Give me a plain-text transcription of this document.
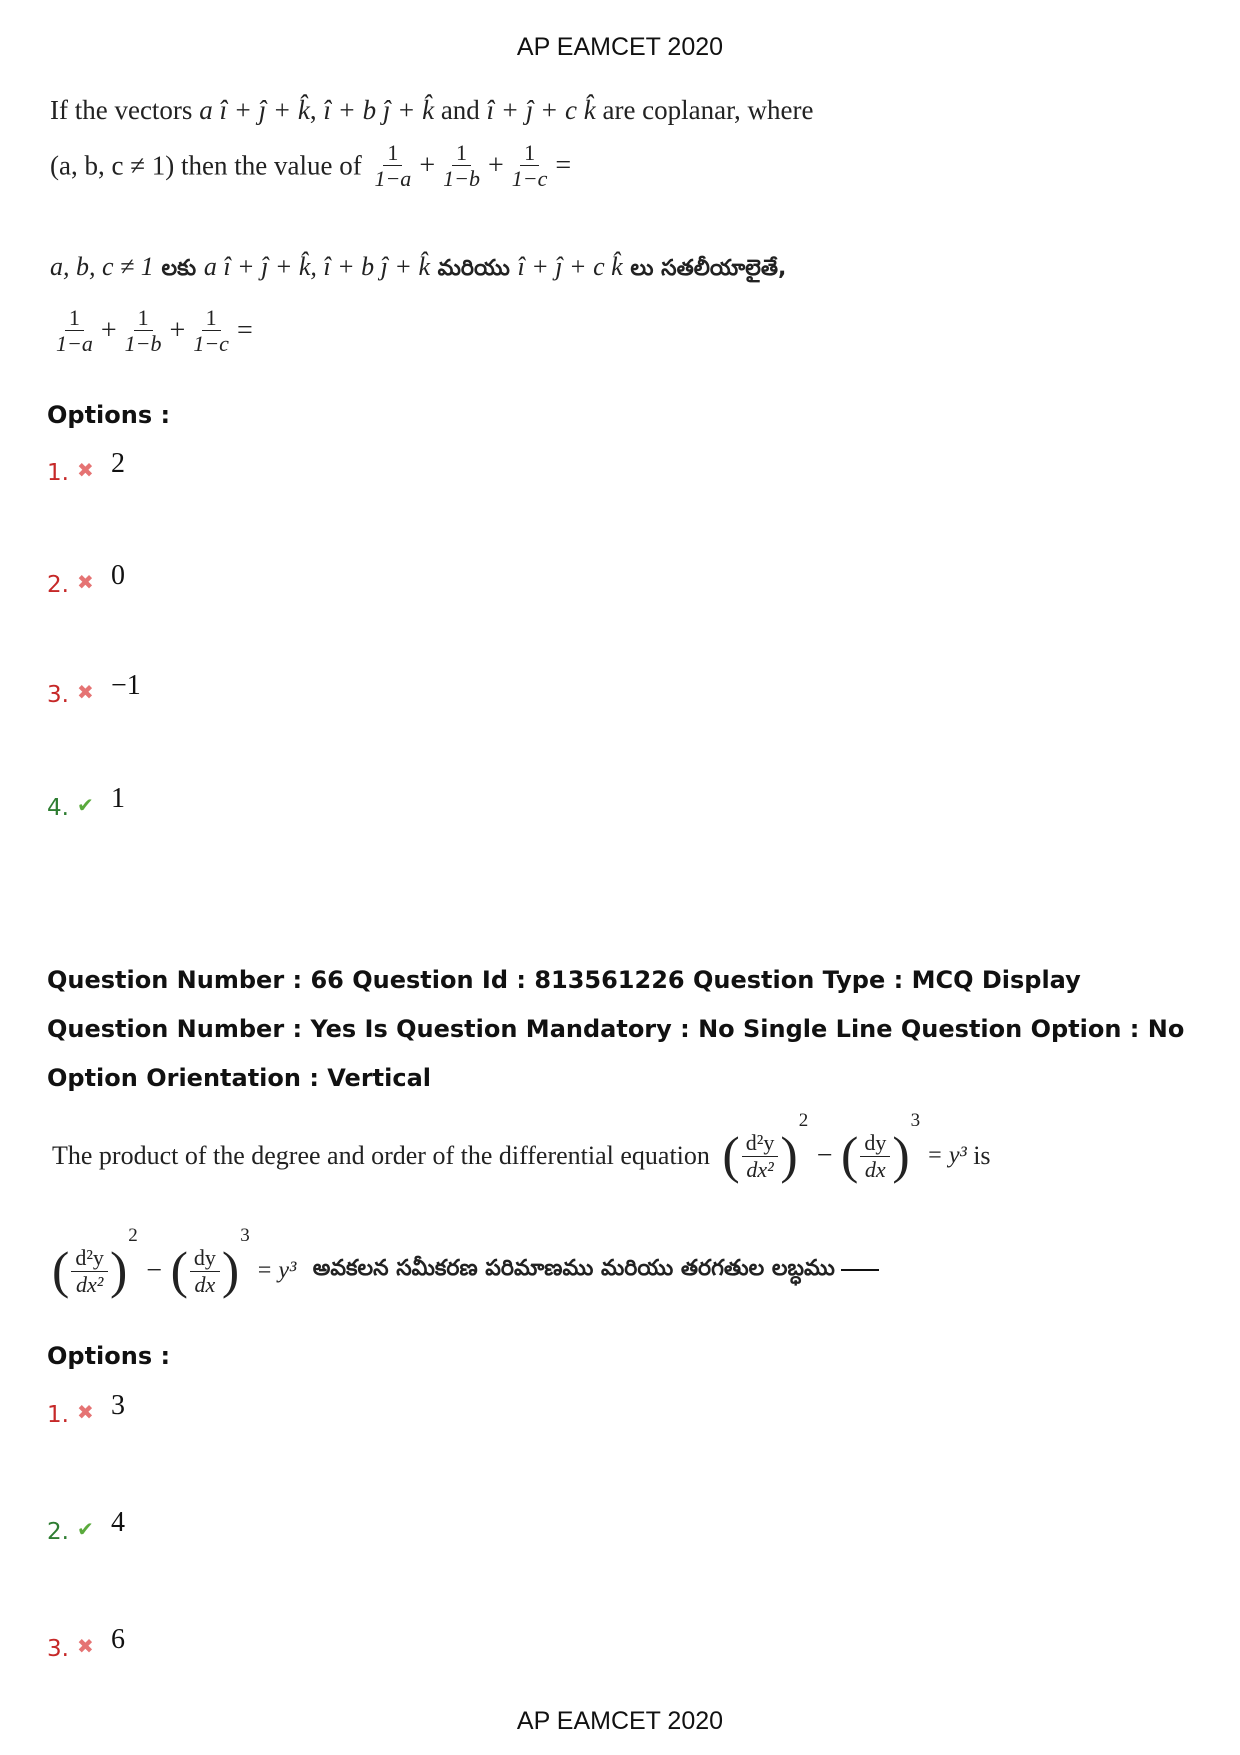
AP EAMCET 2020
If the vectors a î + ĵ + k̂, î + b ĵ + k̂ and î + ĵ + c k̂ are coplanar, where
(a, b, c ≠ 1) then the value of $\frac{1}{1-a} + \frac{1}{1-b} + \frac{1}{1-c}$ =
a, b, c ≠ 1 లకు a î + ĵ + k̂, î + b ĵ + k̂ మరియు î + ĵ + c k̂ లు సతలీయాలైతే,
$\frac{1}{1-a} + \frac{1}{1-b} + \frac{1}{1-c}$ =
Options :
1. ✖ 2
2. ✖ 0
3. ✖ −1
4. ✔ 1
Question Number : 66 Question Id : 813561226 Question Type : MCQ Display Question Number : Yes Is Question Mandatory : No Single Line Question Option : No Option Orientation : Vertical
The product of the degree and order of the differential equation ( $\frac{\text{d²y}}{\text{dx²}} )^2$ − ( $\frac{dy}{dx} )^3 = y^3$ is
( $\frac{\text{d²y}}{\text{dx²}} )^2$ − ( $\frac{dy}{dx} )^3 = y^3$ అవకలన సమీకరణ పరిమాణము మరియు తరగతుల లబ్ధము
Options :
1. ✖ 3
2. ✔ 4
3. ✖ 6
AP EAMCET 2020
